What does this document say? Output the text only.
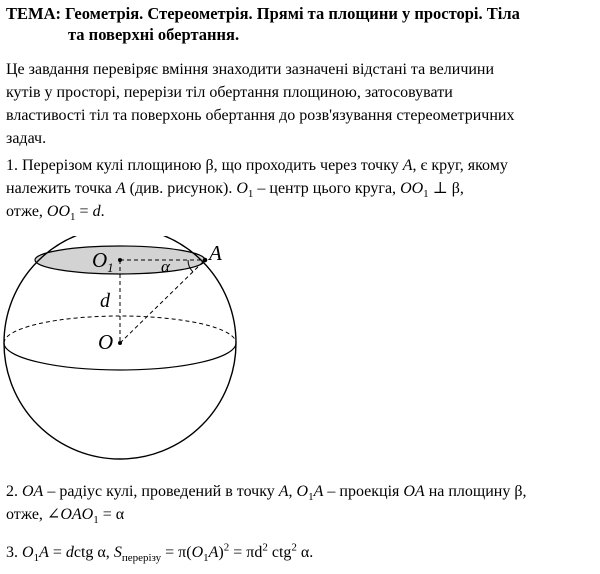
ТЕМА: Геометрія. Стереометрія. Прямі та площини у просторі. Тіла
та поверхні обертання.
Це завдання перевіряє вміння знаходити зазначені відстані та величини
кутів у просторі, перерізи тіл обертання площиною, затосовувати
властивості тіл та поверхонь обертання до розв'язування стереометричних
задач.
1. Перерізом кулі площиною β, що проходить через точку A, є круг, якому
належить точка A (див. рисунок). $O_1$ – центр цього круга, $OO_1$ ⊥ β,
отже, $OO_1 = d$.
$O_1$
A
α
d
O
2. OA – радіус кулі, проведений в точку A, $O_1A$ – проекція OA на площину β,
отже, $\angle OAO_1 = \alpha$
3. $O_1A$ = dctg α, $S_{перерізу} = \pi(O_1A)^2 = \pi d^2$ ctg$^2$ α.
